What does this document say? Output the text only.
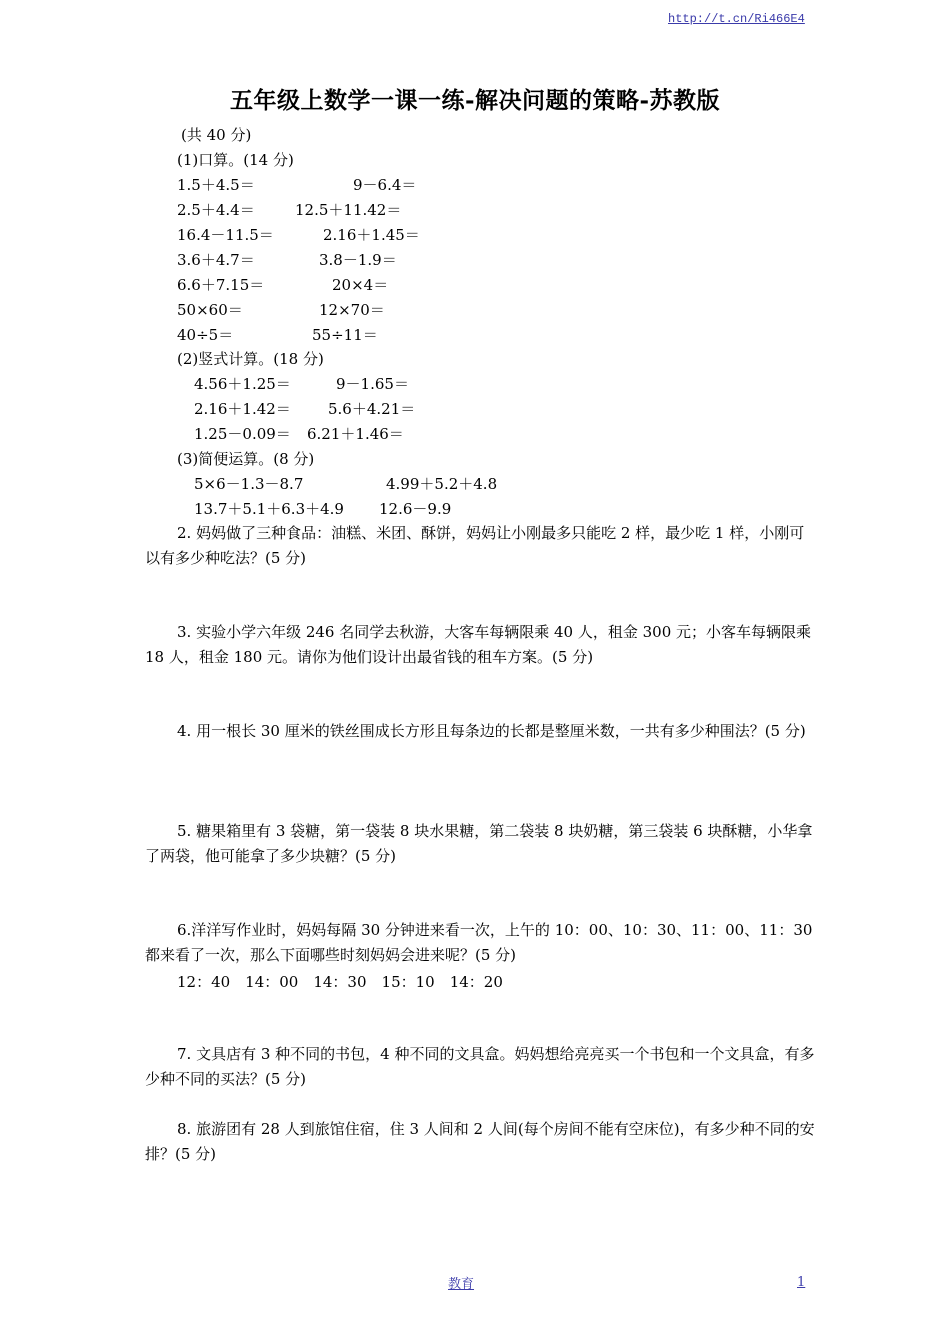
http://t.cn/Ri466E4
五年级上数学一课一练-解决问题的策略-苏教版
(共 40 分)
(1)口算。(14 分)
1.5＋4.5＝	9－6.4＝
2.5＋4.4＝	12.5＋11.42＝
16.4－11.5＝	2.16＋1.45＝
3.6＋4.7＝	3.8－1.9＝
6.6＋7.15＝	20×4＝
50×60＝	12×70＝
40÷5＝	55÷11＝
(2)竖式计算。(18 分)
4.56＋1.25＝	9－1.65＝
2.16＋1.42＝ 5.6＋4.21＝
1.25－0.09＝ 6.21＋1.46＝
(3)简便运算。(8 分)
5×6－1.3－8.7	4.99＋5.2＋4.8
13.7＋5.1＋6.3＋4.9 12.6－9.9
2. 妈妈做了三种食品：油糕、米团、酥饼，妈妈让小刚最多只能吃 2 样，最少吃 1 样，小刚可以有多少种吃法？(5 分)
3. 实验小学六年级 246 名同学去秋游，大客车每辆限乘 40 人，租金 300 元；小客车每辆限乘 18 人，租金 180 元。请你为他们设计出最省钱的租车方案。(5 分)
4. 用一根长 30 厘米的铁丝围成长方形且每条边的长都是整厘米数，一共有多少种围法？(5 分)
5. 糖果箱里有 3 袋糖，第一袋装 8 块水果糖，第二袋装 8 块奶糖，第三袋装 6 块酥糖，小华拿了两袋，他可能拿了多少块糖？(5 分)
6.洋洋写作业时，妈妈每隔 30 分钟进来看一次，上午的 10：00、10：30、11：00、11：30 都来看了一次，那么下面哪些时刻妈妈会进来呢？(5 分)
12：40　14：00　14：30　15：10　14：20
7. 文具店有 3 种不同的书包，4 种不同的文具盒。妈妈想给亮亮买一个书包和一个文具盒，有多少种不同的买法？(5 分)
8. 旅游团有 28 人到旅馆住宿，住 3 人间和 2 人间(每个房间不能有空床位)，有多少种不同的安排？(5 分)
教育	1
